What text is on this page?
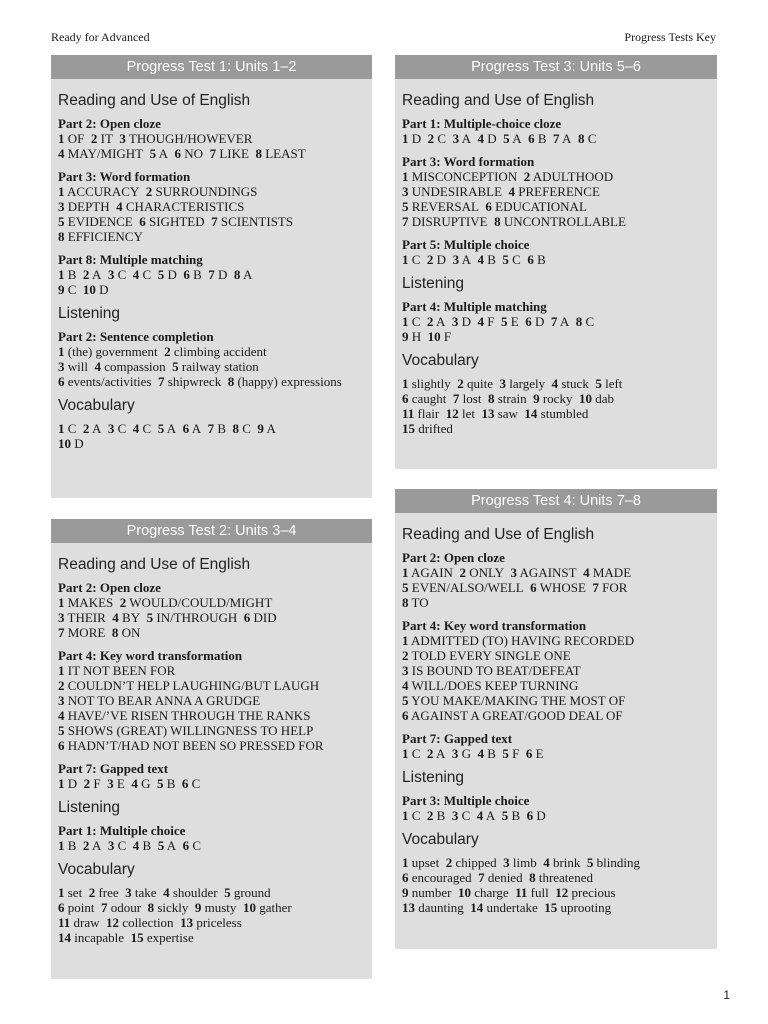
Ready for Advanced	Progress Tests Key
Progress Test 1: Units 1–2
Reading and Use of English
Part 2: Open cloze
1 OF 2 IT 3 THOUGH/HOWEVER
4 MAY/MIGHT 5 A 6 NO 7 LIKE 8 LEAST
Part 3: Word formation
1 ACCURACY 2 SURROUNDINGS
3 DEPTH 4 CHARACTERISTICS
5 EVIDENCE 6 SIGHTED 7 SCIENTISTS
8 EFFICIENCY
Part 8: Multiple matching
1 B 2 A 3 C 4 C 5 D 6 B 7 D 8 A
9 C 10 D
Listening
Part 2: Sentence completion
1 (the) government 2 climbing accident
3 will 4 compassion 5 railway station
6 events/activities 7 shipwreck 8 (happy) expressions
Vocabulary
1 C 2 A 3 C 4 C 5 A 6 A 7 B 8 C 9 A
10 D
Progress Test 2: Units 3–4
Reading and Use of English
Part 2: Open cloze
1 MAKES 2 WOULD/COULD/MIGHT
3 THEIR 4 BY 5 IN/THROUGH 6 DID
7 MORE 8 ON
Part 4: Key word transformation
1 IT NOT BEEN FOR
2 COULDN’T HELP LAUGHING/BUT LAUGH
3 NOT TO BEAR ANNA A GRUDGE
4 HAVE/’VE RISEN THROUGH THE RANKS
5 SHOWS (GREAT) WILLINGNESS TO HELP
6 HADN’T/HAD NOT BEEN SO PRESSED FOR
Part 7: Gapped text
1 D 2 F 3 E 4 G 5 B 6 C
Listening
Part 1: Multiple choice
1 B 2 A 3 C 4 B 5 A 6 C
Vocabulary
1 set 2 free 3 take 4 shoulder 5 ground
6 point 7 odour 8 sickly 9 musty 10 gather
11 draw 12 collection 13 priceless
14 incapable 15 expertise
Progress Test 3: Units 5–6
Reading and Use of English
Part 1: Multiple-choice cloze
1 D 2 C 3 A 4 D 5 A 6 B 7 A 8 C
Part 3: Word formation
1 MISCONCEPTION 2 ADULTHOOD
3 UNDESIRABLE 4 PREFERENCE
5 REVERSAL 6 EDUCATIONAL
7 DISRUPTIVE 8 UNCONTROLLABLE
Part 5: Multiple choice
1 C 2 D 3 A 4 B 5 C 6 B
Listening
Part 4: Multiple matching
1 C 2 A 3 D 4 F 5 E 6 D 7 A 8 C
9 H 10 F
Vocabulary
1 slightly 2 quite 3 largely 4 stuck 5 left
6 caught 7 lost 8 strain 9 rocky 10 dab
11 flair 12 let 13 saw 14 stumbled
15 drifted
Progress Test 4: Units 7–8
Reading and Use of English
Part 2: Open cloze
1 AGAIN 2 ONLY 3 AGAINST 4 MADE
5 EVEN/ALSO/WELL 6 WHOSE 7 FOR
8 TO
Part 4: Key word transformation
1 ADMITTED (TO) HAVING RECORDED
2 TOLD EVERY SINGLE ONE
3 IS BOUND TO BEAT/DEFEAT
4 WILL/DOES KEEP TURNING
5 YOU MAKE/MAKING THE MOST OF
6 AGAINST A GREAT/GOOD DEAL OF
Part 7: Gapped text
1 C 2 A 3 G 4 B 5 F 6 E
Listening
Part 3: Multiple choice
1 C 2 B 3 C 4 A 5 B 6 D
Vocabulary
1 upset 2 chipped 3 limb 4 brink 5 blinding
6 encouraged 7 denied 8 threatened
9 number 10 charge 11 full 12 precious
13 daunting 14 undertake 15 uprooting
1
